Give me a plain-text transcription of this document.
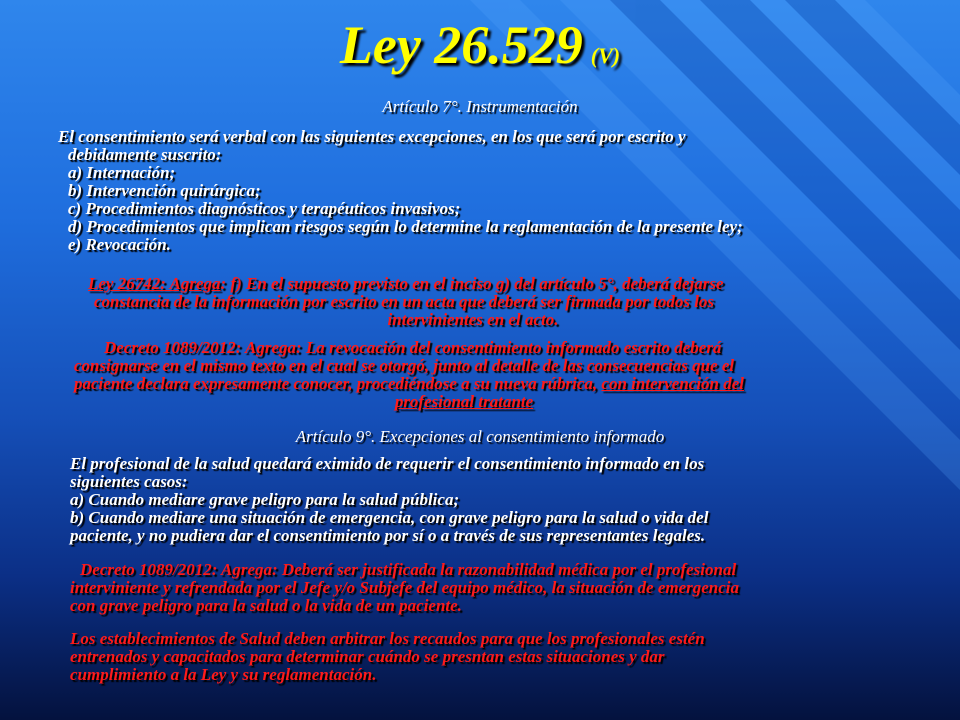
Ley 26.529 (V)

Artículo 7°. Instrumentación

El consentimiento será verbal con las siguientes excepciones, en los que será por escrito y
debidamente suscrito:
a) Internación;
b) Intervención quirúrgica;
c) Procedimientos diagnósticos y terapéuticos invasivos;
d) Procedimientos que implican riesgos según lo determine la reglamentación de la presente ley;
e) Revocación.
Ley 26742: Agrega: f) En el supuesto previsto en el inciso g) del artículo 5°, deberá dejarse
constancia de la información por escrito en un acta que deberá ser firmada por todos los
intervinientes en el acto.
Decreto 1089/2012: Agrega: La revocación del consentimiento informado escrito deberá
consignarse en el mismo texto en el cual se otorgó, junto al detalle de las consecuencias que el
paciente declara expresamente conocer, procediéndose a su nueva rúbrica, con intervención del
profesional tratante

Artículo 9°. Excepciones al consentimiento informado

El profesional de la salud quedará eximido de requerir el consentimiento informado en los
siguientes casos:
a) Cuando mediare grave peligro para la salud pública;
b) Cuando mediare una situación de emergencia, con grave peligro para la salud o vida del
paciente, y no pudiera dar el consentimiento por sí o a través de sus representantes legales.
Decreto 1089/2012: Agrega: Deberá ser justificada la razonabilidad médica por el profesional
interviniente y refrendada por el Jefe y/o Subjefe del equipo médico, la situación de emergencia
con grave peligro para la salud o la vida de un paciente.
Los establecimientos de Salud deben arbitrar los recaudos para que los profesionales estén
entrenados y capacitados para determinar cuándo se presntan estas situaciones y dar
cumplimiento a la Ley y su reglamentación.
